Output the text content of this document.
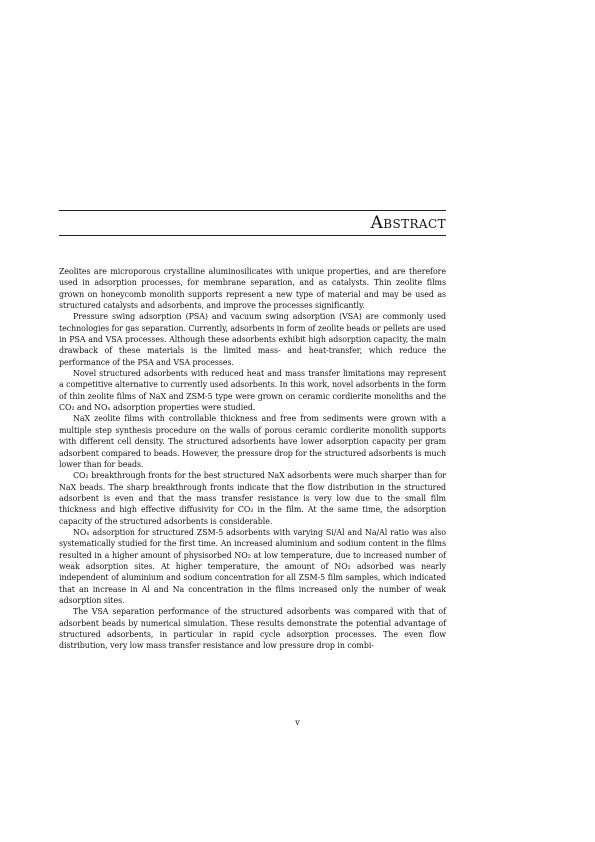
Abstract

Zeolites are microporous crystalline aluminosilicates with unique properties, and are therefore used in adsorption processes, for membrane separation, and as catalysts. Thin zeolite films grown on honeycomb monolith supports represent a new type of material and may be used as structured catalysts and adsorbents, and improve the processes significantly.

Pressure swing adsorption (PSA) and vacuum swing adsorption (VSA) are commonly used technologies for gas separation. Currently, adsorbents in form of zeolite beads or pellets are used in PSA and VSA processes. Although these adsorbents exhibit high adsorption capacity, the main drawback of these materials is the limited mass- and heat-transfer, which reduce the performance of the PSA and VSA processes.

Novel structured adsorbents with reduced heat and mass transfer limitations may represent a competitive alternative to currently used adsorbents. In this work, novel adsorbents in the form of thin zeolite films of NaX and ZSM-5 type were grown on ceramic cordierite monoliths and the CO₂ and NOₓ adsorption properties were studied.

NaX zeolite films with controllable thickness and free from sediments were grown with a multiple step synthesis procedure on the walls of porous ceramic cordierite monolith supports with different cell density. The structured adsorbents have lower adsorption capacity per gram adsorbent compared to beads. However, the pressure drop for the structured adsorbents is much lower than for beads.

CO₂ breakthrough fronts for the best structured NaX adsorbents were much sharper than for NaX beads. The sharp breakthrough fronts indicate that the flow distribution in the structured adsorbent is even and that the mass transfer resistance is very low due to the small film thickness and high effective diffusivity for CO₂ in the film. At the same time, the adsorption capacity of the structured adsorbents is considerable.

NOₓ adsorption for structured ZSM-5 adsorbents with varying Si/Al and Na/Al ratio was also systematically studied for the first time. An increased aluminium and sodium content in the films resulted in a higher amount of physisorbed NO₂ at low temperature, due to increased number of weak adsorption sites. At higher temperature, the amount of NO₂ adsorbed was nearly independent of aluminium and sodium concentration for all ZSM-5 film samples, which indicated that an increase in Al and Na concentration in the films increased only the number of weak adsorption sites.

The VSA separation performance of the structured adsorbents was compared with that of adsorbent beads by numerical simulation. These results demonstrate the potential advantage of structured adsorbents, in particular in rapid cycle adsorption processes. The even flow distribution, very low mass transfer resistance and low pressure drop in combi-

v
